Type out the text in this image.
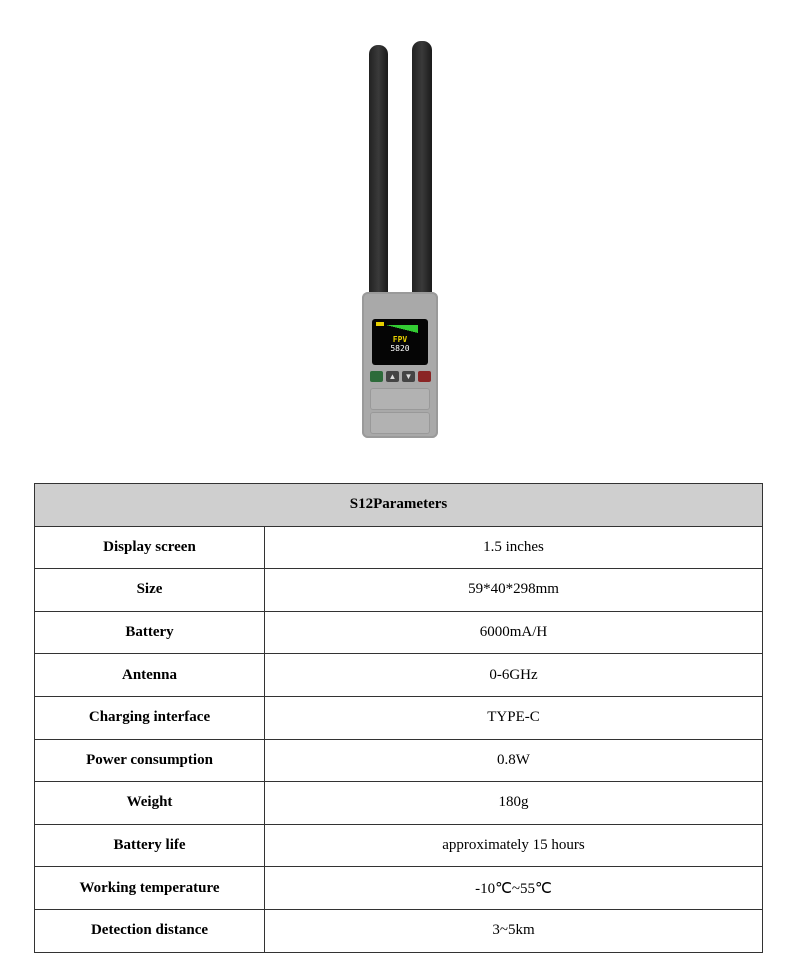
FPV
5820
▲	▼
S12Parameters	
Display screen	1.5 inches
Size	59*40*298mm
Battery	6000mA/H
Antenna	0-6GHz
Charging interface	TYPE-C
Power consumption	0.8W
Weight	180g
Battery life	approximately 15 hours
Working temperature	-10℃~55℃
Detection distance	3~5km
